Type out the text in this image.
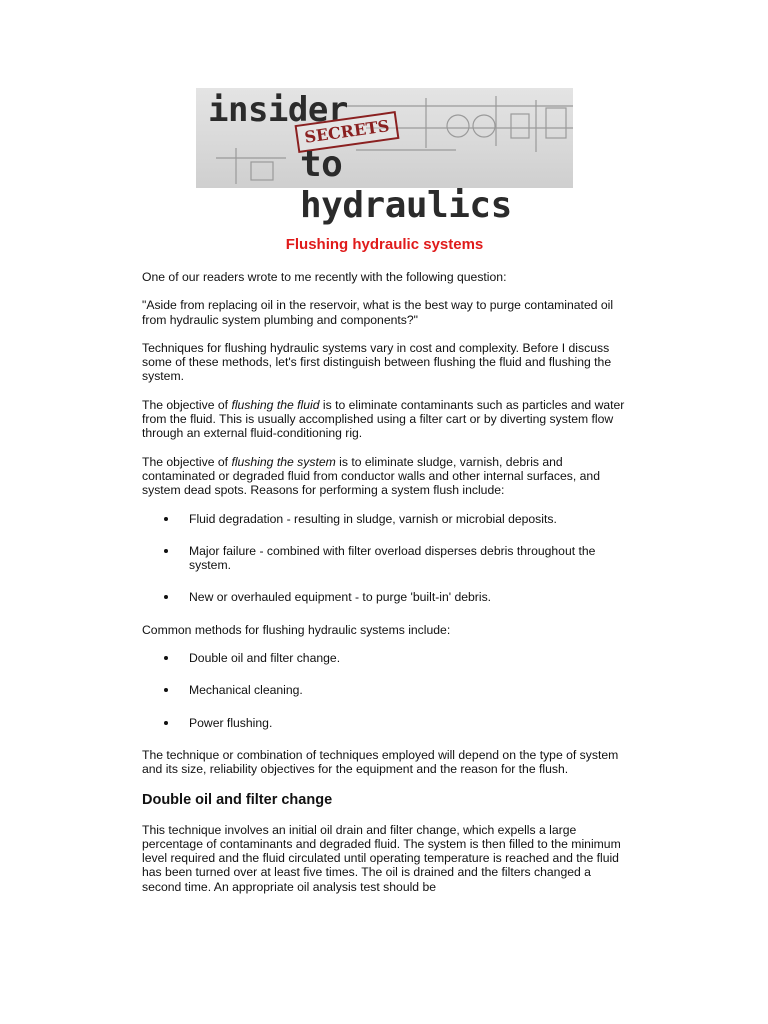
insider
SECRETS
to hydraulics
Flushing hydraulic systems

One of our readers wrote to me recently with the following question:

"Aside from replacing oil in the reservoir, what is the best way to purge contaminated oil from hydraulic system plumbing and components?"

Techniques for flushing hydraulic systems vary in cost and complexity. Before I discuss some of these methods, let's first distinguish between flushing the fluid and flushing the system.

The objective of flushing the fluid is to eliminate contaminants such as particles and water from the fluid. This is usually accomplished using a filter cart or by diverting system flow through an external fluid-conditioning rig.

The objective of flushing the system is to eliminate sludge, varnish, debris and contaminated or degraded fluid from conductor walls and other internal surfaces, and system dead spots. Reasons for performing a system flush include:

Fluid degradation - resulting in sludge, varnish or microbial deposits.
Major failure - combined with filter overload disperses debris throughout the system.
New or overhauled equipment - to purge 'built-in' debris.

Common methods for flushing hydraulic systems include:

Double oil and filter change.
Mechanical cleaning.
Power flushing.

The technique or combination of techniques employed will depend on the type of system and its size, reliability objectives for the equipment and the reason for the flush.

Double oil and filter change

This technique involves an initial oil drain and filter change, which expells a large percentage of contaminants and degraded fluid. The system is then filled to the minimum level required and the fluid circulated until operating temperature is reached and the fluid has been turned over at least five times. The oil is drained and the filters changed a second time. An appropriate oil analysis test should be
